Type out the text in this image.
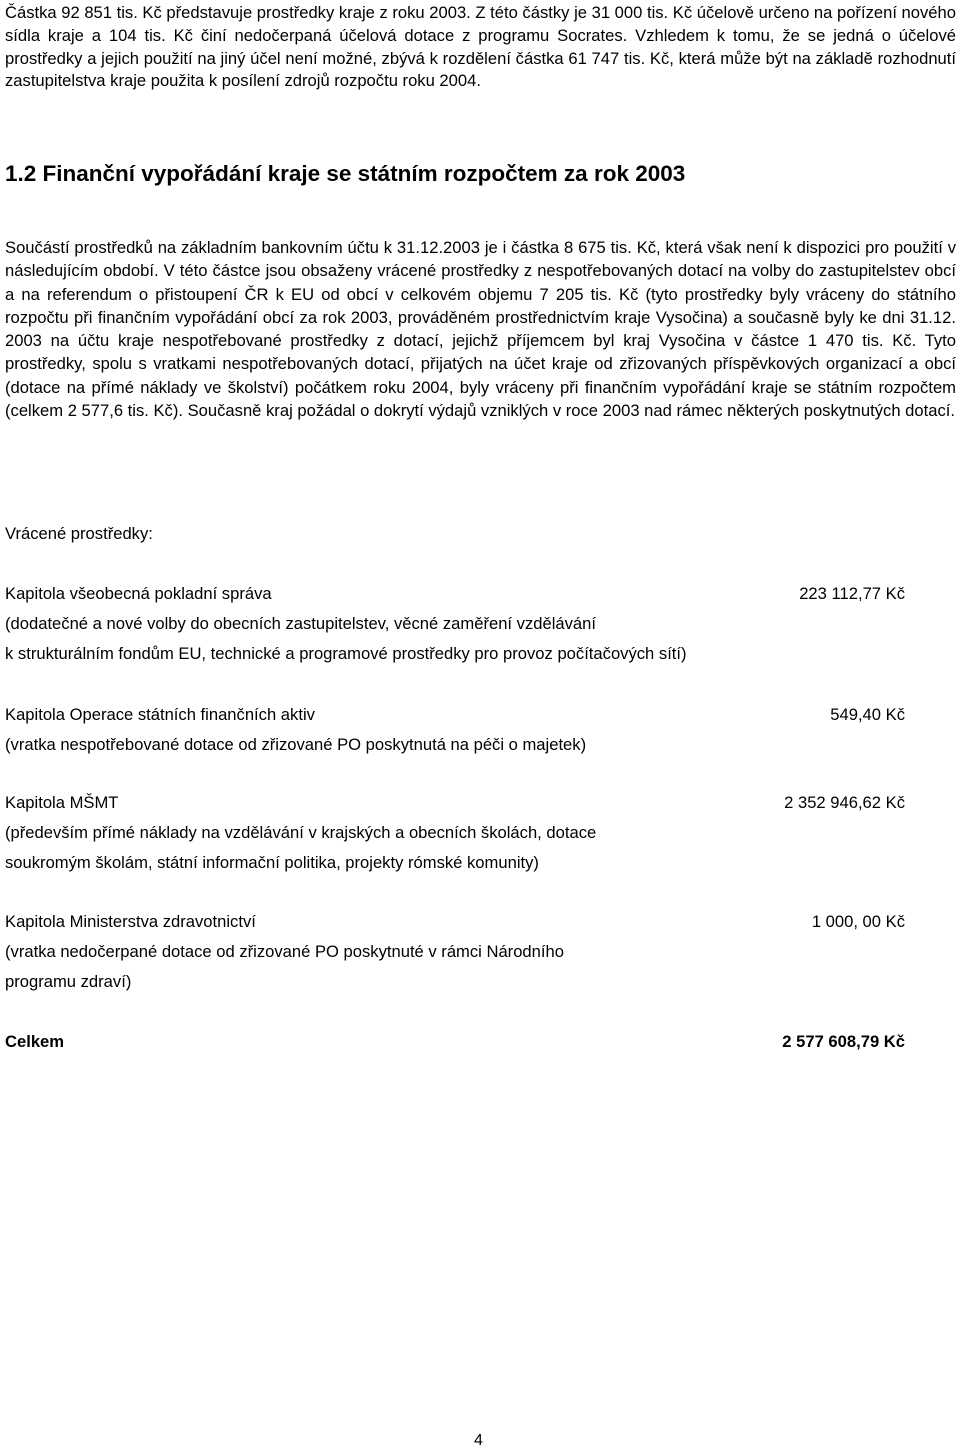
Částka 92 851 tis. Kč představuje prostředky kraje z roku 2003. Z této částky je 31 000 tis. Kč účelově určeno na pořízení nového sídla kraje a 104 tis. Kč činí nedočerpaná účelová dotace z programu Socrates. Vzhledem k tomu, že se jedná o účelové prostředky a jejich použití na jiný účel není možné, zbývá k rozdělení částka 61 747 tis. Kč, která může být na základě rozhodnutí zastupitelstva kraje použita k posílení zdrojů rozpočtu roku 2004.

1.2 Finanční vypořádání kraje se státním rozpočtem za rok 2003

Součástí prostředků na základním bankovním účtu k 31.12.2003 je i částka 8 675 tis. Kč, která však není k dispozici pro použití v následujícím období. V této částce jsou obsaženy vrácené prostředky z nespotřebovaných dotací na volby do zastupitelstev obcí a na referendum o přistoupení ČR k EU od obcí v celkovém objemu 7 205 tis. Kč (tyto prostředky byly vráceny do státního rozpočtu při finančním vypořádání obcí za rok 2003, prováděném prostřednictvím kraje Vysočina) a současně byly ke dni 31.12. 2003 na účtu kraje nespotřebované prostředky z dotací, jejichž příjemcem byl kraj Vysočina v částce 1 470 tis. Kč. Tyto prostředky, spolu s vratkami nespotřebovaných dotací, přijatých na účet kraje od zřizovaných příspěvkových organizací a obcí (dotace na přímé náklady ve školství) počátkem roku 2004, byly vráceny při finančním vypořádání kraje se státním rozpočtem (celkem 2 577,6 tis. Kč). Současně kraj požádal o dokrytí výdajů vzniklých v roce 2003 nad rámec některých poskytnutých dotací.

Vrácené prostředky:
Kapitola všeobecná pokladní správa	223 112,77 Kč
(dodatečné a nové volby do obecních zastupitelstev, věcné zaměření vzdělávání
k strukturálním fondům EU, technické a programové prostředky pro provoz počítačových sítí)
Kapitola Operace státních finančních aktiv	549,40 Kč
(vratka nespotřebované dotace od zřizované PO poskytnutá na péči o majetek)
Kapitola MŠMT	2 352 946,62 Kč
(především přímé náklady na vzdělávání v krajských a obecních školách, dotace
soukromým školám, státní informační politika, projekty rómské komunity)
Kapitola Ministerstva zdravotnictví	1 000, 00 Kč
(vratka nedočerpané dotace od zřizované PO poskytnuté v rámci Národního
programu zdraví)
Celkem	2 577 608,79 Kč
4
